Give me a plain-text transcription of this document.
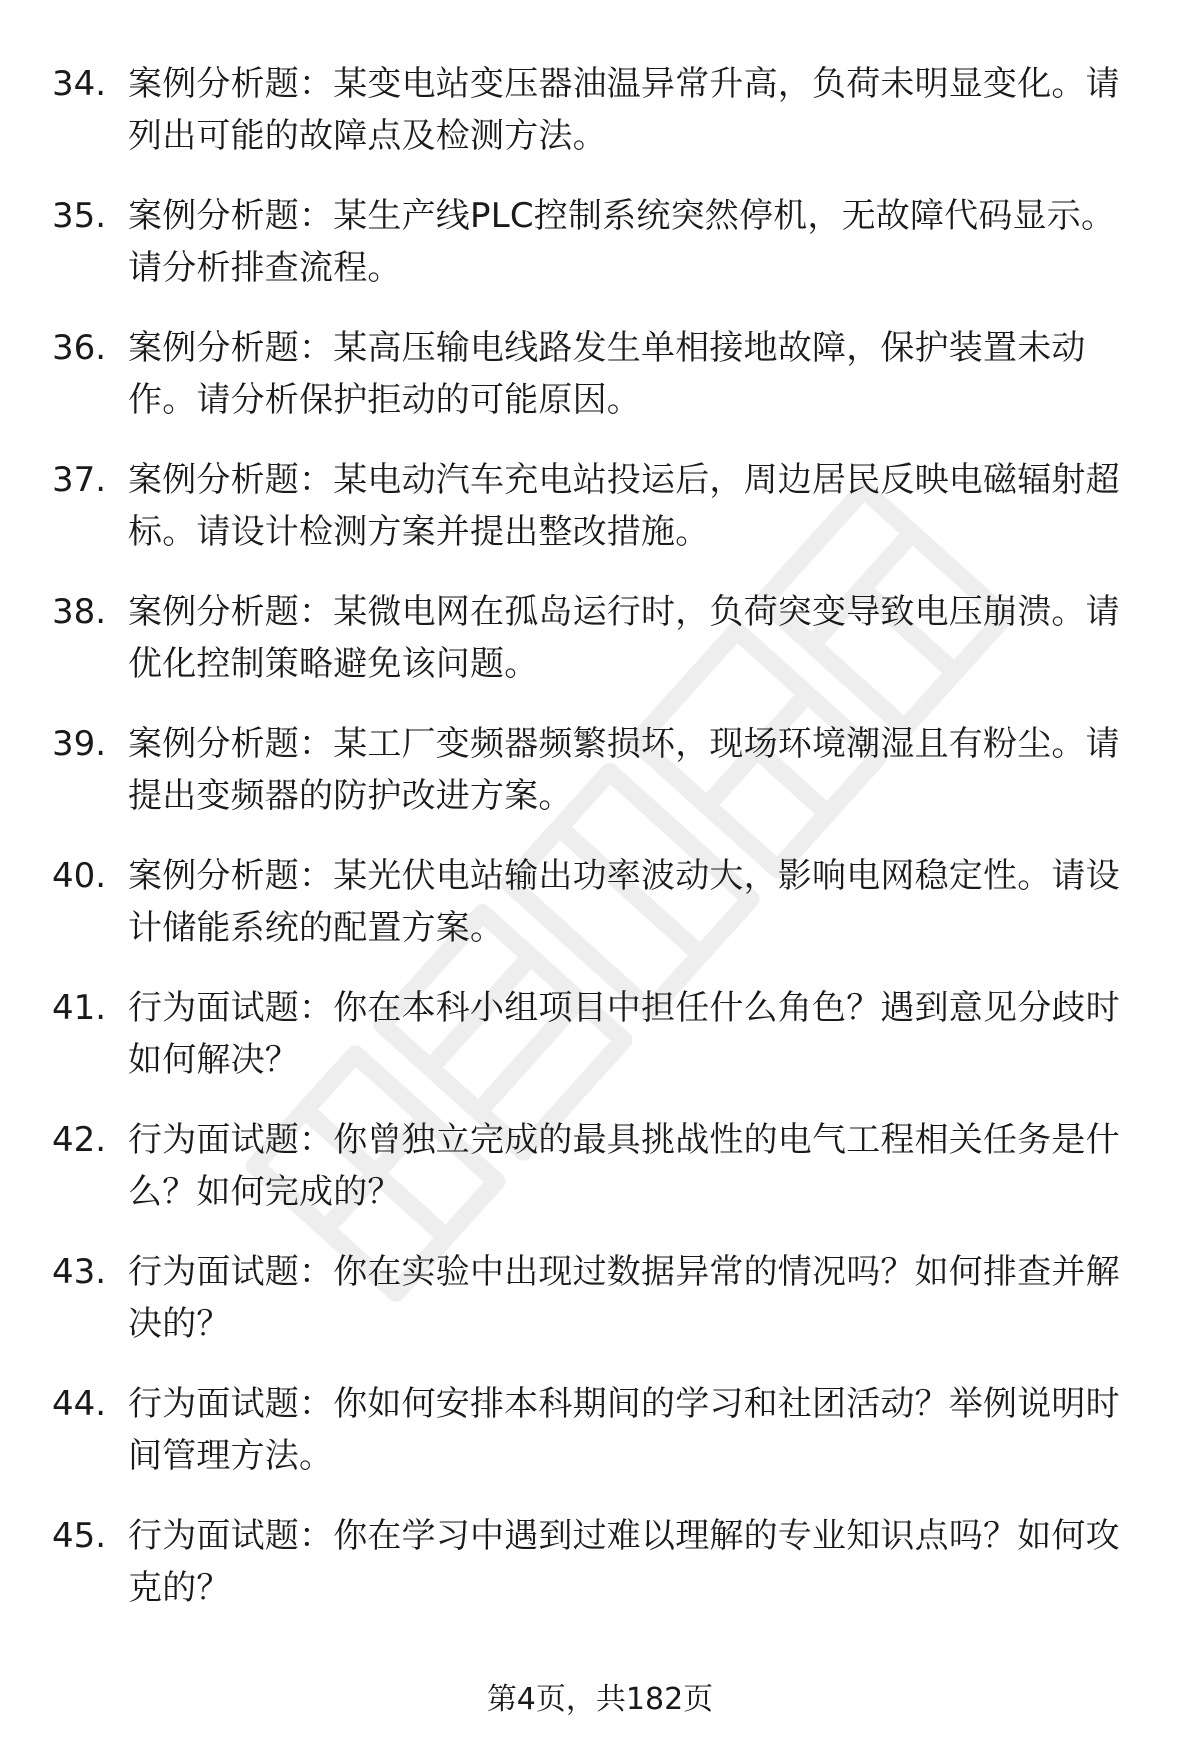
34. 案例分析题：某变电站变压器油温异常升高，负荷未明显变化。请列出可能的故障点及检测方法。
35. 案例分析题：某生产线PLC控制系统突然停机，无故障代码显示。请分析排查流程。
36. 案例分析题：某高压输电线路发生单相接地故障，保护装置未动作。请分析保护拒动的可能原因。
37. 案例分析题：某电动汽车充电站投运后，周边居民反映电磁辐射超标。请设计检测方案并提出整改措施。
38. 案例分析题：某微电网在孤岛运行时，负荷突变导致电压崩溃。请优化控制策略避免该问题。
39. 案例分析题：某工厂变频器频繁损坏，现场环境潮湿且有粉尘。请提出变频器的防护改进方案。
40. 案例分析题：某光伏电站输出功率波动大，影响电网稳定性。请设计储能系统的配置方案。
41. 行为面试题：你在本科小组项目中担任什么角色？遇到意见分歧时如何解决？
42. 行为面试题：你曾独立完成的最具挑战性的电气工程相关任务是什么？如何完成的？
43. 行为面试题：你在实验中出现过数据异常的情况吗？如何排查并解决的？
44. 行为面试题：你如何安排本科期间的学习和社团活动？举例说明时间管理方法。
45. 行为面试题：你在学习中遇到过难以理解的专业知识点吗？如何攻克的？
第4页，共182页
